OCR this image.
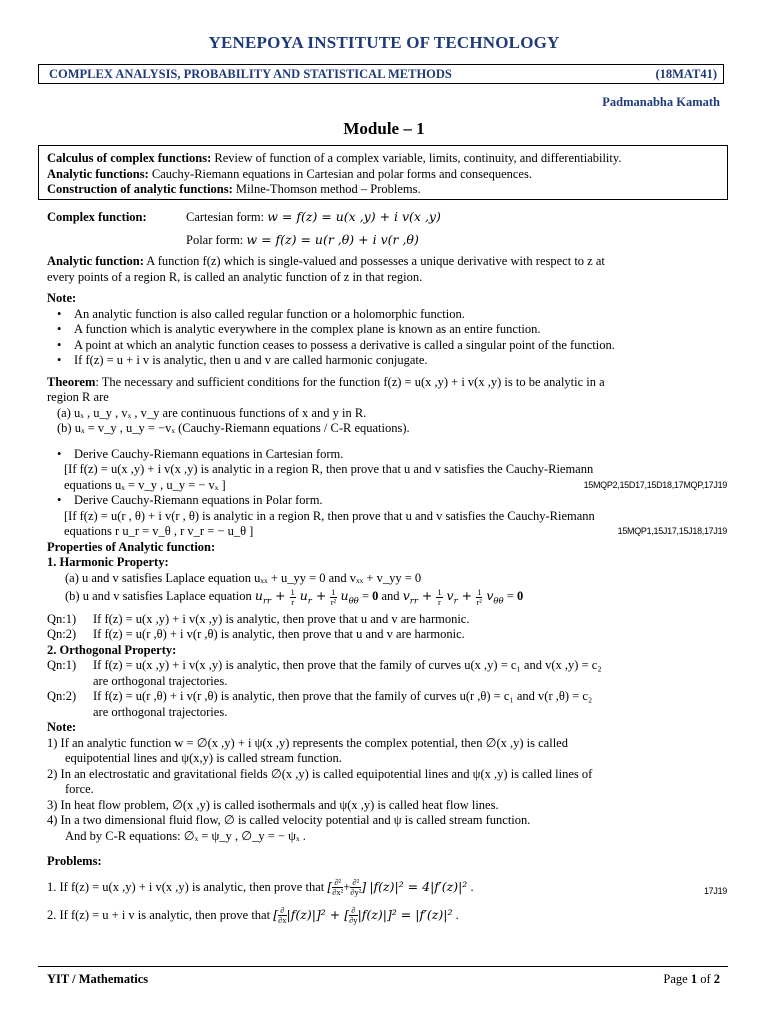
YENEPOYA INSTITUTE OF TECHNOLOGY
COMPLEX ANALYSIS, PROBABILITY AND STATISTICAL METHODS	(18MAT41)
Padmanabha Kamath
Module – 1
Calculus of complex functions: Review of function of a complex variable, limits, continuity, and differentiability.
Analytic functions: Cauchy-Riemann equations in Cartesian and polar forms and consequences.
Construction of analytic functions: Milne-Thomson method – Problems.
Complex function:	Cartesian form: w = f(z) = u(x ,y) + i v(x ,y)
Polar form: w = f(z) = u(r ,θ) + i v(r ,θ)

Analytic function: A function f(z) which is single-valued and possesses a unique derivative with respect to z at

every points of a region R, is called an analytic function of z in that region.

Note:

• An analytic function is also called regular function or a holomorphic function.
• A function which is analytic everywhere in the complex plane is known as an entire function.
• A point at which an analytic function ceases to possess a derivative is called a singular point of the function.
• If f(z) = u + i v is analytic, then u and v are called harmonic conjugate.

Theorem: The necessary and sufficient conditions for the function f(z) = u(x ,y) + i v(x ,y) is to be analytic in a

region R are

(a) uₓ , u_y , vₓ , v_y are continuous functions of x and y in R.

(b) uₓ = v_y , u_y = −vₓ (Cauchy-Riemann equations / C-R equations).

• Derive Cauchy-Riemann equations in Cartesian form.
[If f(z) = u(x ,y) + i v(x ,y) is analytic in a region R, then prove that u and v satisfies the Cauchy-Riemann
equations uₓ = v_y , u_y = − vₓ ]	15MQP2,15D17,15D18,17MQP,17J19
• Derive Cauchy-Riemann equations in Polar form.
[If f(z) = u(r , θ) + i v(r , θ) is analytic in a region R, then prove that u and v satisfies the Cauchy-Riemann
equations r u_r = v_θ , r v_r = − u_θ ]	15MQP1,15J17,15J18,17J19

Properties of Analytic function:

1. Harmonic Property:

(a) u and v satisfies Laplace equation uₓₓ + u_yy = 0 and vₓₓ + v_yy = 0

(b) u and v satisfies Laplace equation $u_{rr} + \frac{1}{r} u_r + \frac{1}{\text{r²}} u_{\theta\theta} = 0$ and $v_{rr} + \frac{1}{r} v_r + \frac{1}{\text{r²}} v_{\theta\theta} = 0$

Qn:1) If f(z) = u(x ,y) + i v(x ,y) is analytic, then prove that u and v are harmonic.

Qn:2) If f(z) = u(r ,θ) + i v(r ,θ) is analytic, then prove that u and v are harmonic.

2. Orthogonal Property:

Qn:1) If f(z) = u(x ,y) + i v(x ,y) is analytic, then prove that the family of curves u(x ,y) = c₁ and v(x ,y) = c₂

are orthogonal trajectories.

Qn:2) If f(z) = u(r ,θ) + i v(r ,θ) is analytic, then prove that the family of curves u(r ,θ) = c₁ and v(r ,θ) = c₂

are orthogonal trajectories.

Note:

1) If an analytic function w = ∅(x ,y) + i ψ(x ,y) represents the complex potential, then ∅(x ,y) is called

equipotential lines and ψ(x,y) is called stream function.

2) In an electrostatic and gravitational fields ∅(x ,y) is called equipotential lines and ψ(x ,y) is called lines of

force.

3) In heat flow problem, ∅(x ,y) is called isothermals and ψ(x ,y) is called heat flow lines.

4) In a two dimensional fluid flow, ∅ is called velocity potential and ψ is called stream function.

And by C-R equations: ∅ₓ = ψ_y , ∅_y = − ψₓ .

Problems:

1. If f(z) = u(x ,y) + i v(x ,y) is analytic, then prove that [ $\frac{\text{∂²}}{\text{∂x²}} + \frac{\text{∂²}}{\text{∂y²}}$ ] |f(z)|² = 4|f′(z)|² .	17J19

2. If f(z) = u + i v is analytic, then prove that [ $\frac{\partial}{\partial x} |f(z)|]^2$ + [ $\frac{\partial}{\partial y} |f(z)|]^2 = |f'(z)|^2$ .

YIT / Mathematics	Page 1 of 2
